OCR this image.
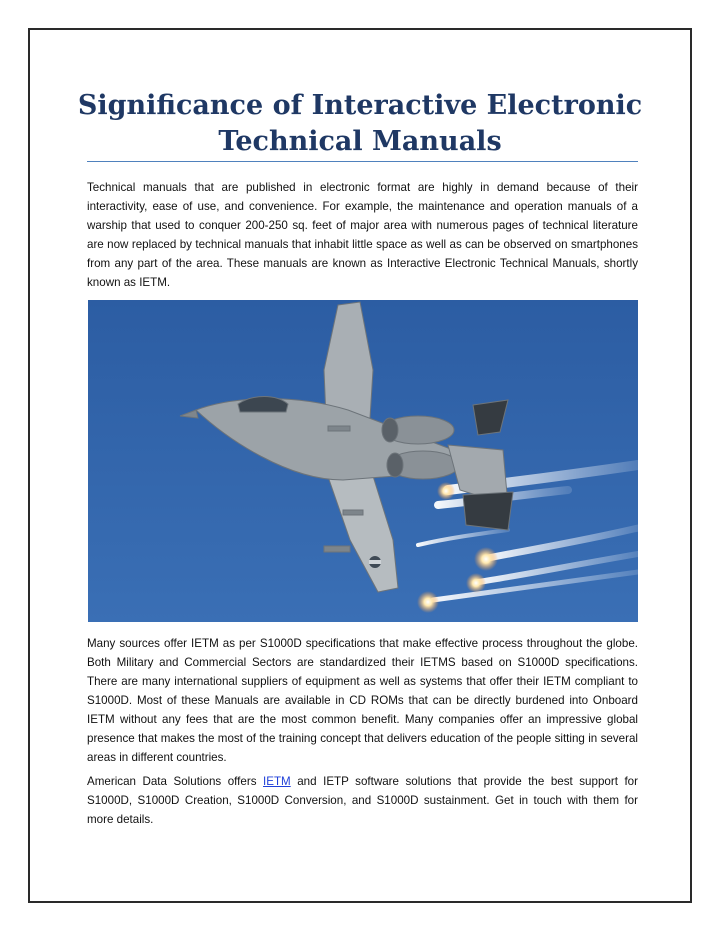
Significance of Interactive Electronic Technical Manuals

Technical manuals that are published in electronic format are highly in demand because of their interactivity, ease of use, and convenience. For example, the maintenance and operation manuals of a warship that used to conquer 200-250 sq. feet of major area with numerous pages of technical literature are now replaced by technical manuals that inhabit little space as well as can be observed on smartphones from any part of the area. These manuals are known as Interactive Electronic Technical Manuals, shortly known as IETM.

Many sources offer IETM as per S1000D specifications that make effective process throughout the globe. Both Military and Commercial Sectors are standardized their IETMS based on S1000D specifications. There are many international suppliers of equipment as well as systems that offer their IETM compliant to S1000D. Most of these Manuals are available in CD ROMs that can be directly burdened into Onboard IETM without any fees that are the most common benefit. Many companies offer an impressive global presence that makes the most of the training concept that delivers education of the people sitting in several areas in different countries.

American Data Solutions offers IETM and IETP software solutions that provide the best support for S1000D, S1000D Creation, S1000D Conversion, and S1000D sustainment. Get in touch with them for more details.
